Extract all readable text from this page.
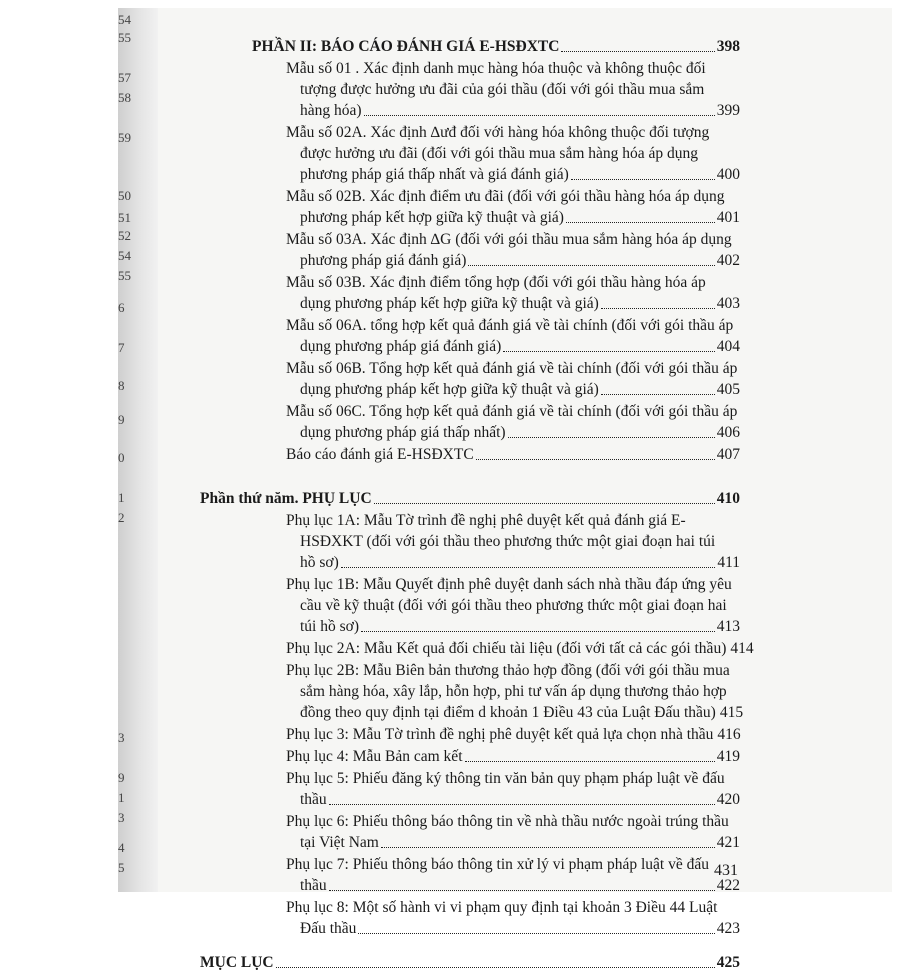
54
55
57
58
59
50
51
52
54
55
6
7
8
9
0
1
2
3
9
1
3
4
5
PHẦN II: BÁO CÁO ĐÁNH GIÁ E-HSĐXTC	398
Mẫu số 01 . Xác định danh mục hàng hóa thuộc và không thuộc đối
tượng được hưởng ưu đãi của gói thầu (đối với gói thầu mua sắm
hàng hóa)	399
Mẫu số 02A. Xác định ∆ưđ đối với hàng hóa không thuộc đối tượng
được hưởng ưu đãi (đối với gói thầu mua sắm hàng hóa áp dụng
phương pháp giá thấp nhất và giá đánh giá)	400
Mẫu số 02B. Xác định điểm ưu đãi (đối với gói thầu hàng hóa áp dụng
phương pháp kết hợp giữa kỹ thuật và giá)	401
Mẫu số 03A. Xác định ∆G (đối với gói thầu mua sắm hàng hóa áp dụng
phương pháp giá đánh giá)	402
Mẫu số 03B. Xác định điểm tổng hợp (đối với gói thầu hàng hóa áp
dụng phương pháp kết hợp giữa kỹ thuật và giá)	403
Mẫu số 06A. tổng hợp kết quả đánh giá về tài chính (đối với gói thầu áp
dụng phương pháp giá đánh giá)	404
Mẫu số 06B. Tổng hợp kết quả đánh giá về tài chính (đối với gói thầu áp
dụng phương pháp kết hợp giữa kỹ thuật và giá)	405
Mẫu số 06C. Tổng hợp kết quả đánh giá về tài chính (đối với gói thầu áp
dụng phương pháp giá thấp nhất)	406
Báo cáo đánh giá E-HSĐXTC	407
Phần thứ năm. PHỤ LỤC	410
Phụ lục 1A: Mẫu Tờ trình đề nghị phê duyệt kết quả đánh giá E-
HSĐXKT (đối với gói thầu theo phương thức một giai đoạn hai túi
hồ sơ)	411
Phụ lục 1B: Mẫu Quyết định phê duyệt danh sách nhà thầu đáp ứng yêu
cầu về kỹ thuật (đối với gói thầu theo phương thức một giai đoạn hai
túi hồ sơ)	413
Phụ lục 2A: Mẫu Kết quả đối chiếu tài liệu (đối với tất cả các gói thầu) 414
Phụ lục 2B: Mẫu Biên bản thương thảo hợp đồng (đối với gói thầu mua
sắm hàng hóa, xây lắp, hỗn hợp, phi tư vấn áp dụng thương thảo hợp
đồng theo quy định tại điểm d khoản 1 Điều 43 của Luật Đấu thầu) 415
Phụ lục 3: Mẫu Tờ trình đề nghị phê duyệt kết quả lựa chọn nhà thầu 416
Phụ lục 4: Mẫu Bản cam kết	419
Phụ lục 5: Phiếu đăng ký thông tin văn bản quy phạm pháp luật về đấu
thầu	420
Phụ lục 6: Phiếu thông báo thông tin về nhà thầu nước ngoài trúng thầu
tại Việt Nam	421
Phụ lục 7: Phiếu thông báo thông tin xử lý vi phạm pháp luật về đấu
thầu	422
Phụ lục 8: Một số hành vi vi phạm quy định tại khoản 3 Điều 44 Luật
Đấu thầu	423
MỤC LỤC	425
431
